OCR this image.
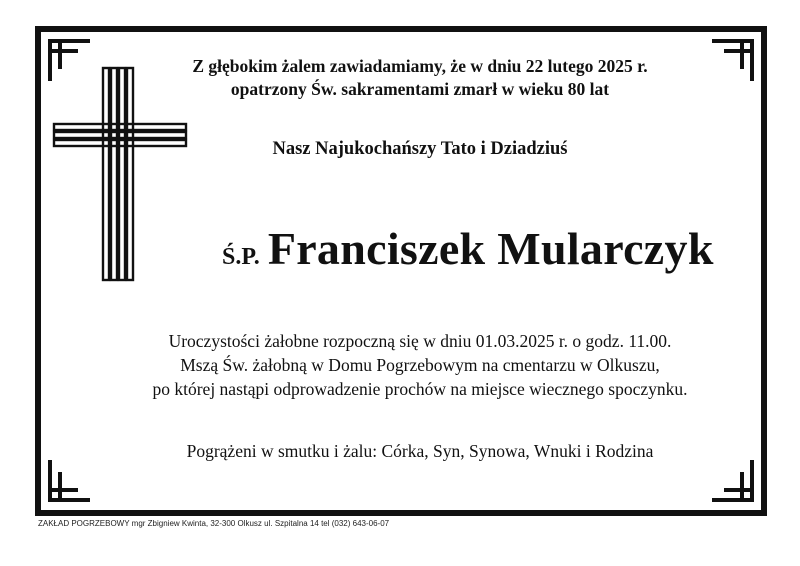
Z głębokim żalem zawiadamiamy, że w dniu 22 lutego 2025 r.
opatrzony Św. sakramentami zmarł w wieku 80 lat
Nasz Najukochańszy Tato i Dziadziuś
Ś.P. Franciszek Mularczyk
Uroczystości żałobne rozpoczną się w dniu 01.03.2025 r. o godz. 11.00.
Mszą Św. żałobną w Domu Pogrzebowym na cmentarzu w Olkuszu,
po której nastąpi odprowadzenie prochów na miejsce wiecznego spoczynku.
Pogrążeni w smutku i żalu: Córka, Syn, Synowa, Wnuki i Rodzina
ZAKŁAD POGRZEBOWY mgr Zbigniew Kwinta, 32-300 Olkusz ul. Szpitalna 14 tel (032) 643-06-07
